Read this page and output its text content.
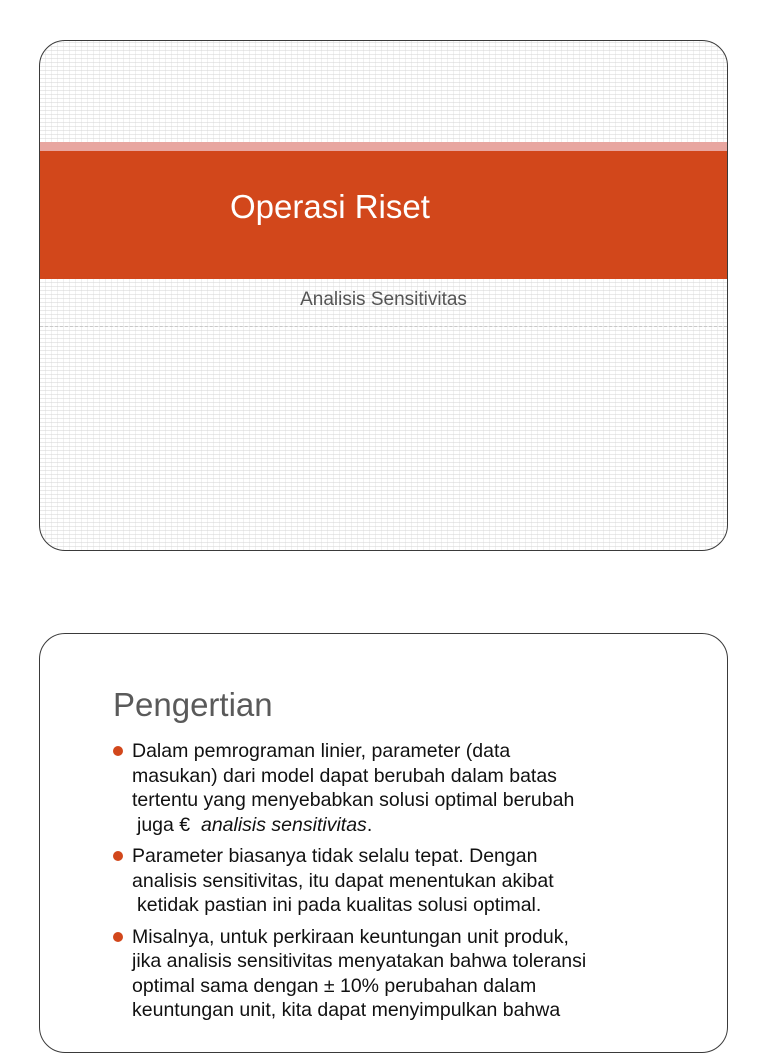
Operasi Riset
Analisis Sensitivitas
Pengertian
Dalam pemrograman linier, parameter (data
masukan) dari model dapat berubah dalam batas
tertentu yang menyebabkan solusi optimal berubah
juga € analisis sensitivitas.
Parameter biasanya tidak selalu tepat. Dengan
analisis sensitivitas, itu dapat menentukan akibat
ketidak pastian ini pada kualitas solusi optimal.
Misalnya, untuk perkiraan keuntungan unit produk,
jika analisis sensitivitas menyatakan bahwa toleransi
optimal sama dengan ± 10% perubahan dalam
keuntungan unit, kita dapat menyimpulkan bahwa
